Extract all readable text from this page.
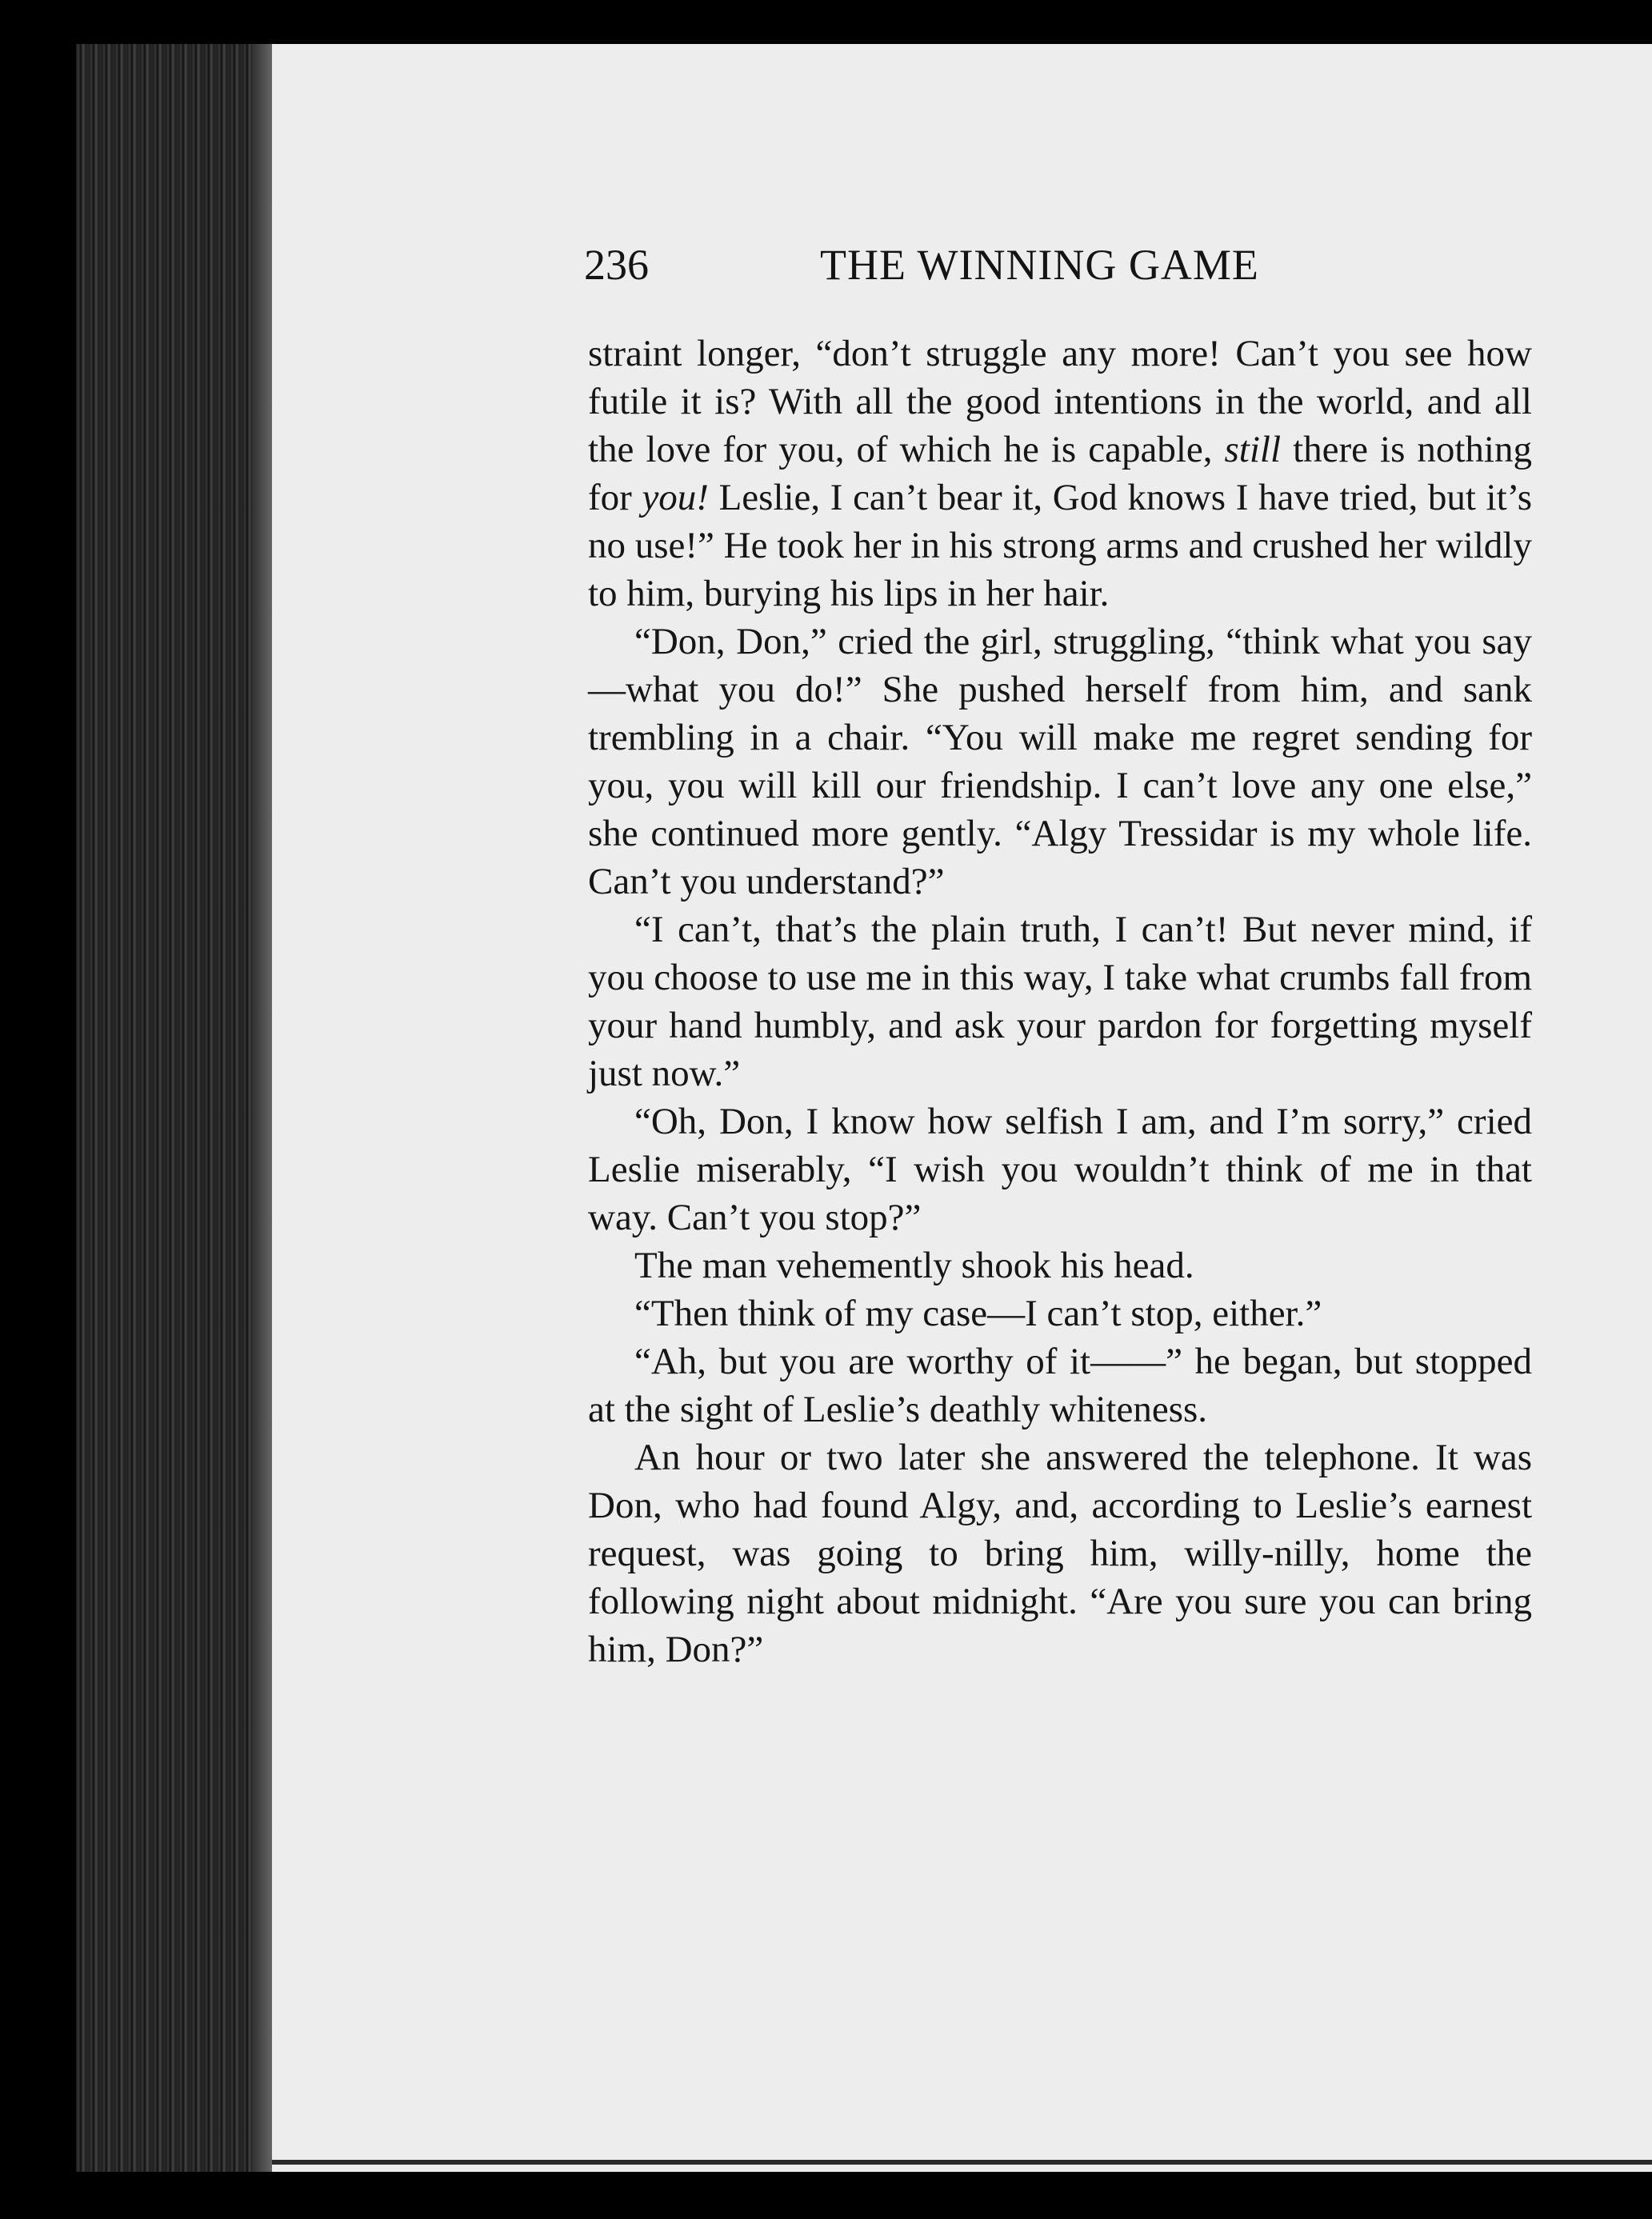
236	THE WINNING GAME

straint longer, “don’t struggle any more! Can’t you see how futile it is? With all the good intentions in the world, and all the love for you, of which he is capable, still there is nothing for you! Leslie, I can’t bear it, God knows I have tried, but it’s no use!” He took her in his strong arms and crushed her wildly to him, burying his lips in her hair.

“Don, Don,” cried the girl, struggling, “think what you say—what you do!” She pushed herself from him, and sank trembling in a chair. “You will make me regret sending for you, you will kill our friendship. I can’t love any one else,” she continued more gently. “Algy Tressidar is my whole life. Can’t you understand?”

“I can’t, that’s the plain truth, I can’t! But never mind, if you choose to use me in this way, I take what crumbs fall from your hand humbly, and ask your pardon for forgetting myself just now.”

“Oh, Don, I know how selfish I am, and I’m sorry,” cried Leslie miserably, “I wish you wouldn’t think of me in that way. Can’t you stop?”

The man vehemently shook his head.

“Then think of my case—I can’t stop, either.”

“Ah, but you are worthy of it——” he began, but stopped at the sight of Leslie’s deathly whiteness.

An hour or two later she answered the telephone. It was Don, who had found Algy, and, according to Leslie’s earnest request, was going to bring him, willy-nilly, home the following night about midnight. “Are you sure you can bring him, Don?”
